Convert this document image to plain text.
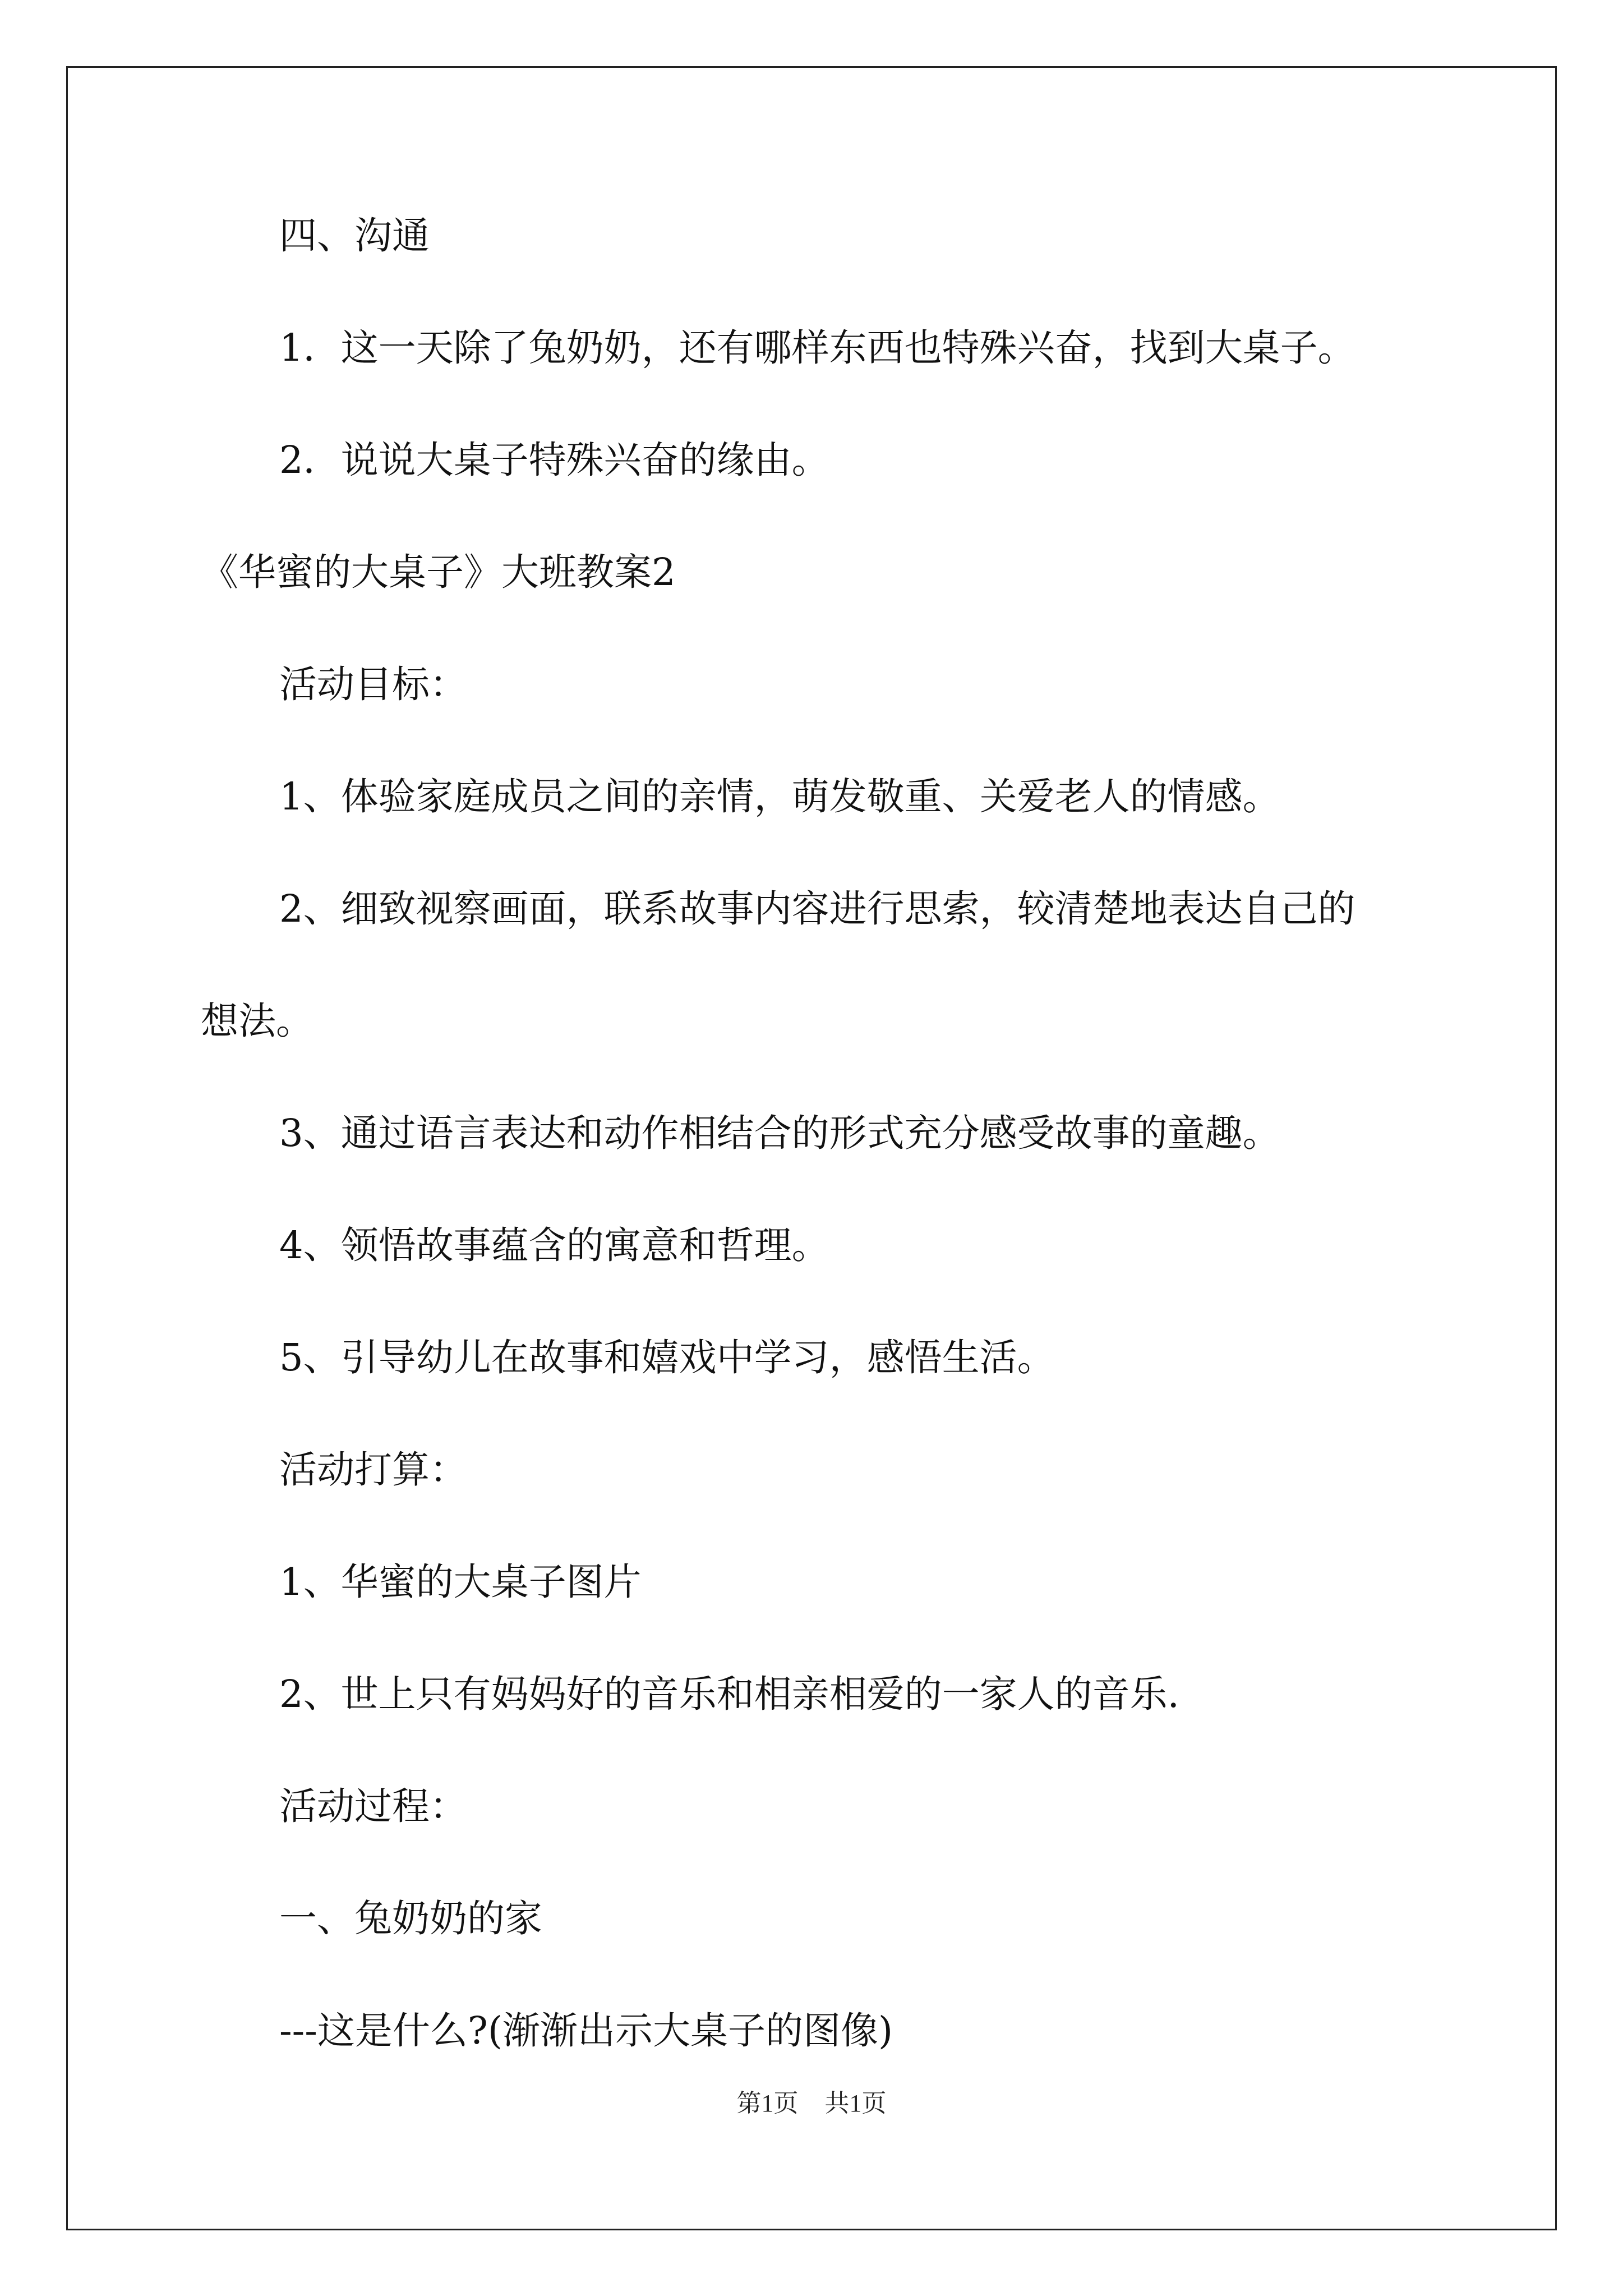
四、沟通
1．这一天除了兔奶奶，还有哪样东西也特殊兴奋，找到大桌子。
2．说说大桌子特殊兴奋的缘由。
《华蜜的大桌子》大班教案2
活动目标：
1、体验家庭成员之间的亲情，萌发敬重、关爱老人的情感。
2、细致视察画面，联系故事内容进行思索，较清楚地表达自己的
想法。
3、通过语言表达和动作相结合的形式充分感受故事的童趣。
4、领悟故事蕴含的寓意和哲理。
5、引导幼儿在故事和嬉戏中学习，感悟生活。
活动打算：
1、华蜜的大桌子图片
2、世上只有妈妈好的音乐和相亲相爱的一家人的音乐.
活动过程：
一、兔奶奶的家
---这是什么?(渐渐出示大桌子的图像)
第1页 共1页
